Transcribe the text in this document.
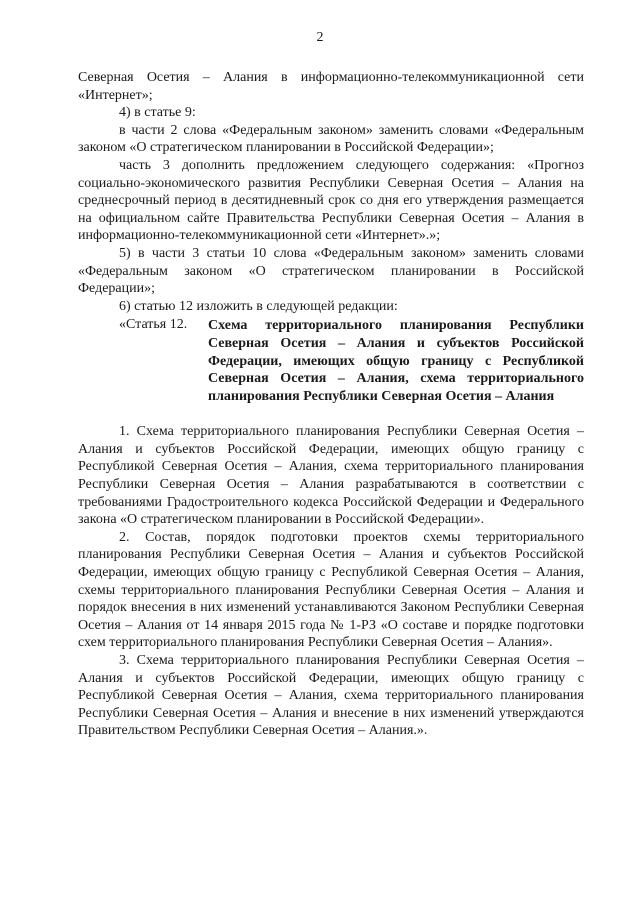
2

Северная Осетия – Алания в информационно-телекоммуникационной сети «Интернет»;

4) в статье 9:

в части 2 слова «Федеральным законом» заменить словами «Федеральным законом «О стратегическом планировании в Российской Федерации»;

часть 3 дополнить предложением следующего содержания: «Прогноз социально-экономического развития Республики Северная Осетия – Алания на среднесрочный период в десятидневный срок со дня его утверждения размещается на официальном сайте Правительства Республики Северная Осетия – Алания в информационно-телекоммуникационной сети «Интернет».»;

5) в части 3 статьи 10 слова «Федеральным законом» заменить словами «Федеральным законом «О стратегическом планировании в Российской Федерации»;

6) статью 12 изложить в следующей редакции:

«Статья 12.	Схема территориального планирования Республики Северная Осетия – Алания и субъектов Российской Федерации, имеющих общую границу с Республикой Северная Осетия – Алания, схема территориального планирования Республики Северная Осетия – Алания

1. Схема территориального планирования Республики Северная Осетия – Алания и субъектов Российской Федерации, имеющих общую границу с Республикой Северная Осетия – Алания, схема территориального планирования Республики Северная Осетия – Алания разрабатываются в соответствии с требованиями Градостроительного кодекса Российской Федерации и Федерального закона «О стратегическом планировании в Российской Федерации».

2. Состав, порядок подготовки проектов схемы территориального планирования Республики Северная Осетия – Алания и субъектов Российской Федерации, имеющих общую границу с Республикой Северная Осетия – Алания, схемы территориального планирования Республики Северная Осетия – Алания и порядок внесения в них изменений устанавливаются Законом Республики Северная Осетия – Алания от 14 января 2015 года № 1-РЗ «О составе и порядке подготовки схем территориального планирования Республики Северная Осетия – Алания».

3. Схема территориального планирования Республики Северная Осетия – Алания и субъектов Российской Федерации, имеющих общую границу с Республикой Северная Осетия – Алания, схема территориального планирования Республики Северная Осетия – Алания и внесение в них изменений утверждаются Правительством Республики Северная Осетия – Алания.».
